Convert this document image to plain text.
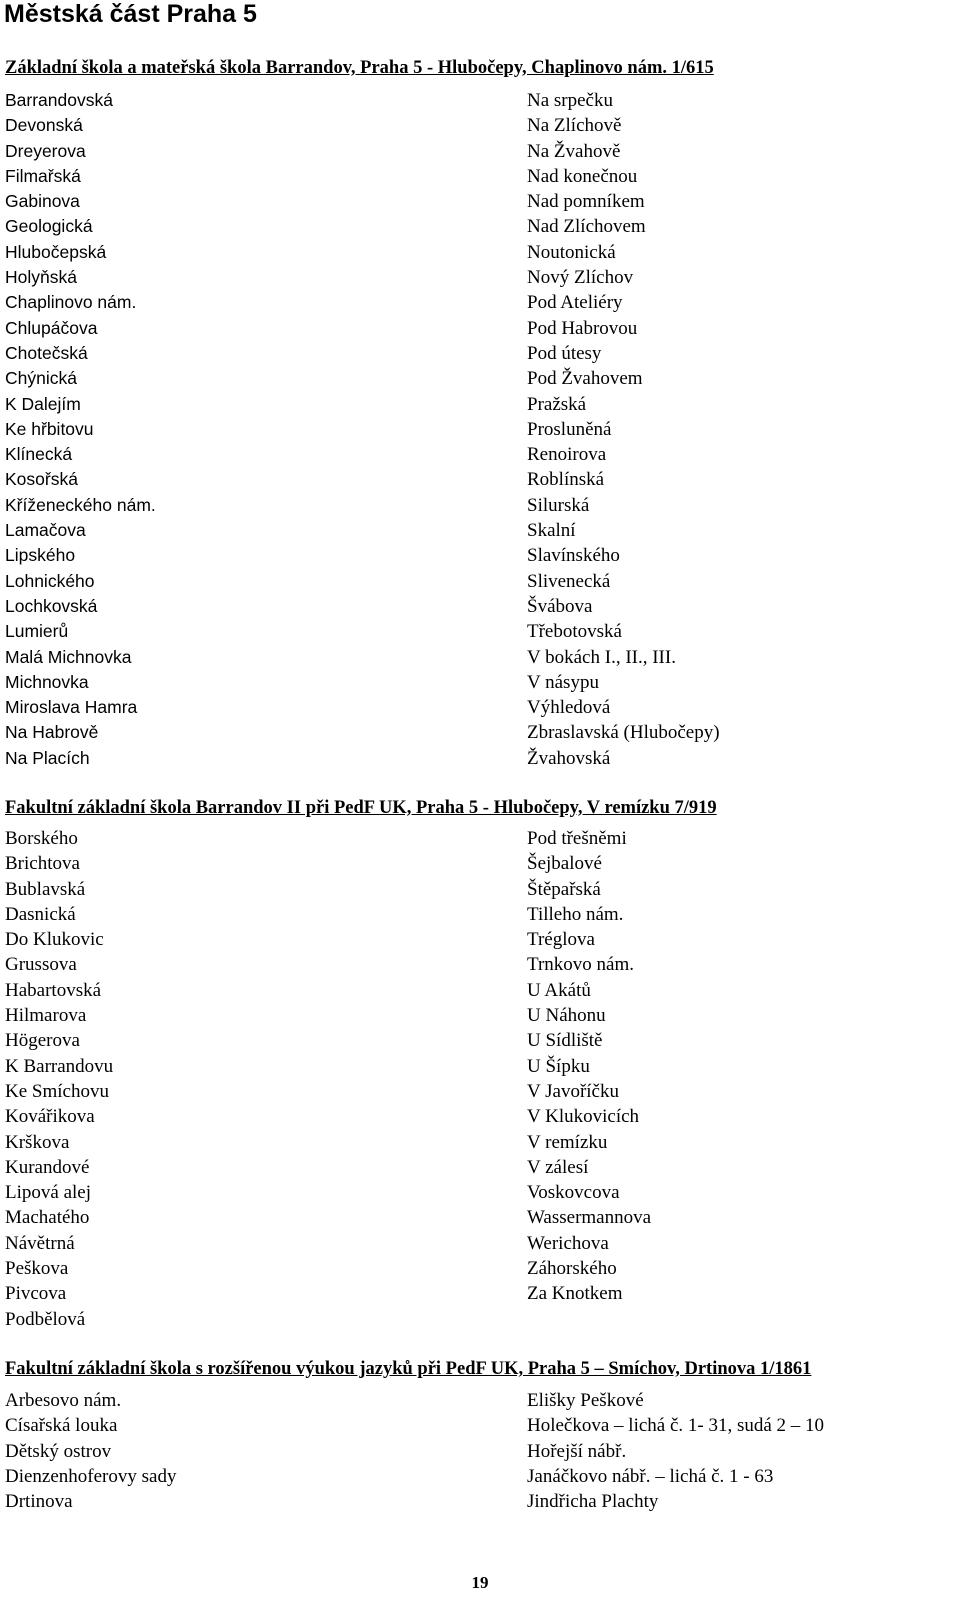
Městská část Praha 5
Základní škola a mateřská škola Barrandov, Praha 5 - Hlubočepy, Chaplinovo nám. 1/615
Barrandovská
Devonská
Dreyerova
Filmařská
Gabinova
Geologická
Hlubočepská
Holyňská
Chaplinovo nám.
Chlupáčova
Chotečská
Chýnická
K Dalejím
Ke hřbitovu
Klínecká
Kosořská
Kříženeckého nám.
Lamačova
Lipského
Lohnického
Lochkovská
Lumierů
Malá Michnovka
Michnovka
Miroslava Hamra
Na Habrově
Na Placích
Na srpečku
Na Zlíchově
Na Žvahově
Nad konečnou
Nad pomníkem
Nad Zlíchovem
Noutonická
Nový Zlíchov
Pod Ateliéry
Pod Habrovou
Pod útesy
Pod Žvahovem
Pražská
Prosluněná
Renoirova
Roblínská
Silurská
Skalní
Slavínského
Slivenecká
Švábova
Třebotovská
V bokách I., II., III.
V násypu
Výhledová
Zbraslavská (Hlubočepy)
Žvahovská
Fakultní základní škola Barrandov II při PedF UK, Praha 5 - Hlubočepy, V remízku 7/919
Borského
Brichtova
Bublavská
Dasnická
Do Klukovic
Grussova
Habartovská
Hilmarova
Högerova
K Barrandovu
Ke Smíchovu
Kovářikova
Krškova
Kurandové
Lipová alej
Machatého
Návětrná
Peškova
Pivcova
Podbělová
Pod třešněmi
Šejbalové
Štěpařská
Tilleho nám.
Tréglova
Trnkovo nám.
U Akátů
U Náhonu
U Sídliště
U Šípku
V Javoříčku
V Klukovicích
V remízku
V zálesí
Voskovcova
Wassermannova
Werichova
Záhorského
Za Knotkem
Fakultní základní škola s rozšířenou výukou jazyků při PedF UK, Praha 5 – Smíchov, Drtinova 1/1861
Arbesovo nám.
Císařská louka
Dětský ostrov
Dienzenhoferovy sady
Drtinova
Elišky Peškové
Holečkova – lichá č. 1- 31, sudá 2 – 10
Hořejší nábř.
Janáčkovo nábř. – lichá č. 1 - 63
Jindřicha Plachty
19
